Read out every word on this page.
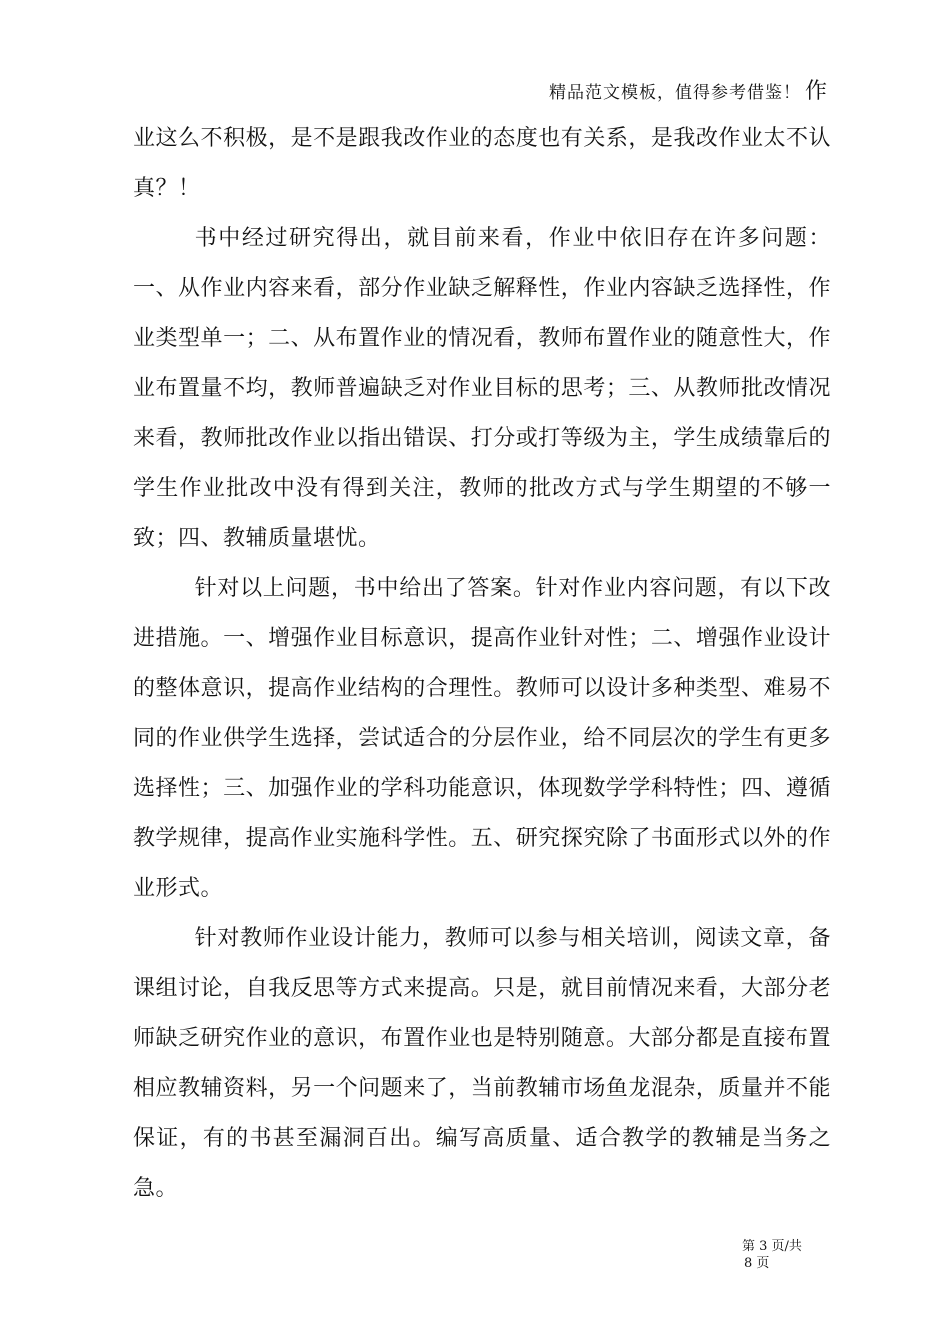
精品范文模板，值得参考借鉴！ 作

业这么不积极，是不是跟我改作业的态度也有关系，是我改作业太不认真？！

书中经过研究得出，就目前来看，作业中依旧存在许多问题：一、从作业内容来看，部分作业缺乏解释性，作业内容缺乏选择性，作业类型单一；二、从布置作业的情况看，教师布置作业的随意性大，作业布置量不均，教师普遍缺乏对作业目标的思考；三、从教师批改情况来看，教师批改作业以指出错误、打分或打等级为主，学生成绩靠后的学生作业批改中没有得到关注，教师的批改方式与学生期望的不够一致；四、教辅质量堪忧。

针对以上问题，书中给出了答案。针对作业内容问题，有以下改进措施。一、增强作业目标意识，提高作业针对性；二、增强作业设计的整体意识，提高作业结构的合理性。教师可以设计多种类型、难易不同的作业供学生选择，尝试适合的分层作业，给不同层次的学生有更多选择性；三、加强作业的学科功能意识，体现数学学科特性；四、遵循教学规律，提高作业实施科学性。五、研究探究除了书面形式以外的作业形式。

针对教师作业设计能力，教师可以参与相关培训，阅读文章，备课组讨论，自我反思等方式来提高。只是，就目前情况来看，大部分老师缺乏研究作业的意识，布置作业也是特别随意。大部分都是直接布置相应教辅资料，另一个问题来了，当前教辅市场鱼龙混杂，质量并不能保证，有的书甚至漏洞百出。编写高质量、适合教学的教辅是当务之急。

第 3 页/共
8 页
